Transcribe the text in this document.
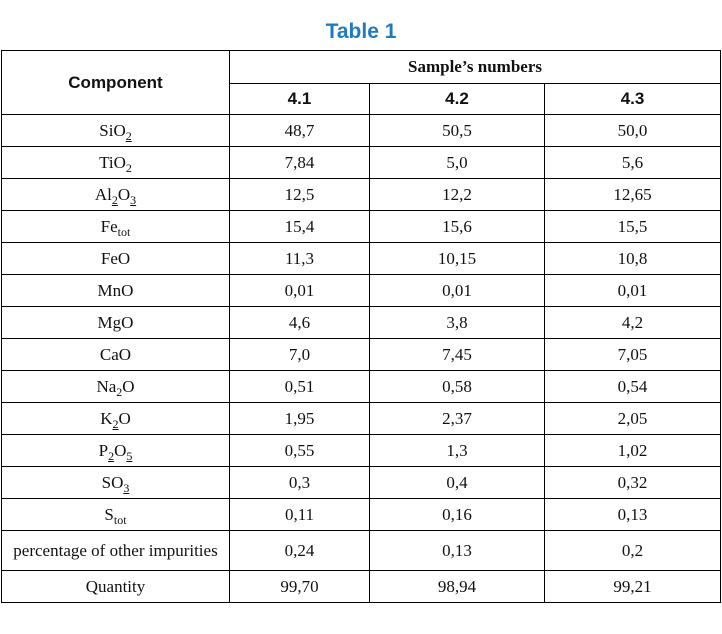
Table 1
Component	Sample’s numbers		
	4.1	4.2	4.3
SiO$_2$	48,7	50,5	50,0
TiO$_2$	7,84	5,0	5,6
$Al_2O_3$	12,5	12,2	12,65
$Fe_{tot}$	15,4	15,6	15,5
FeO	11,3	10,15	10,8
MnO	0,01	0,01	0,01
MgO	4,6	3,8	4,2
CaO	7,0	7,45	7,05
$Na_2O$	0,51	0,58	0,54
$K_2O$	1,95	2,37	2,05
$P_2O_5$	0,55	1,3	1,02
$SO_3$	0,3	0,4	0,32
$S_{tot}$	0,11	0,16	0,13
percentage of other impurities	0,24	0,13	0,2
Quantity	99,70	98,94	99,21
